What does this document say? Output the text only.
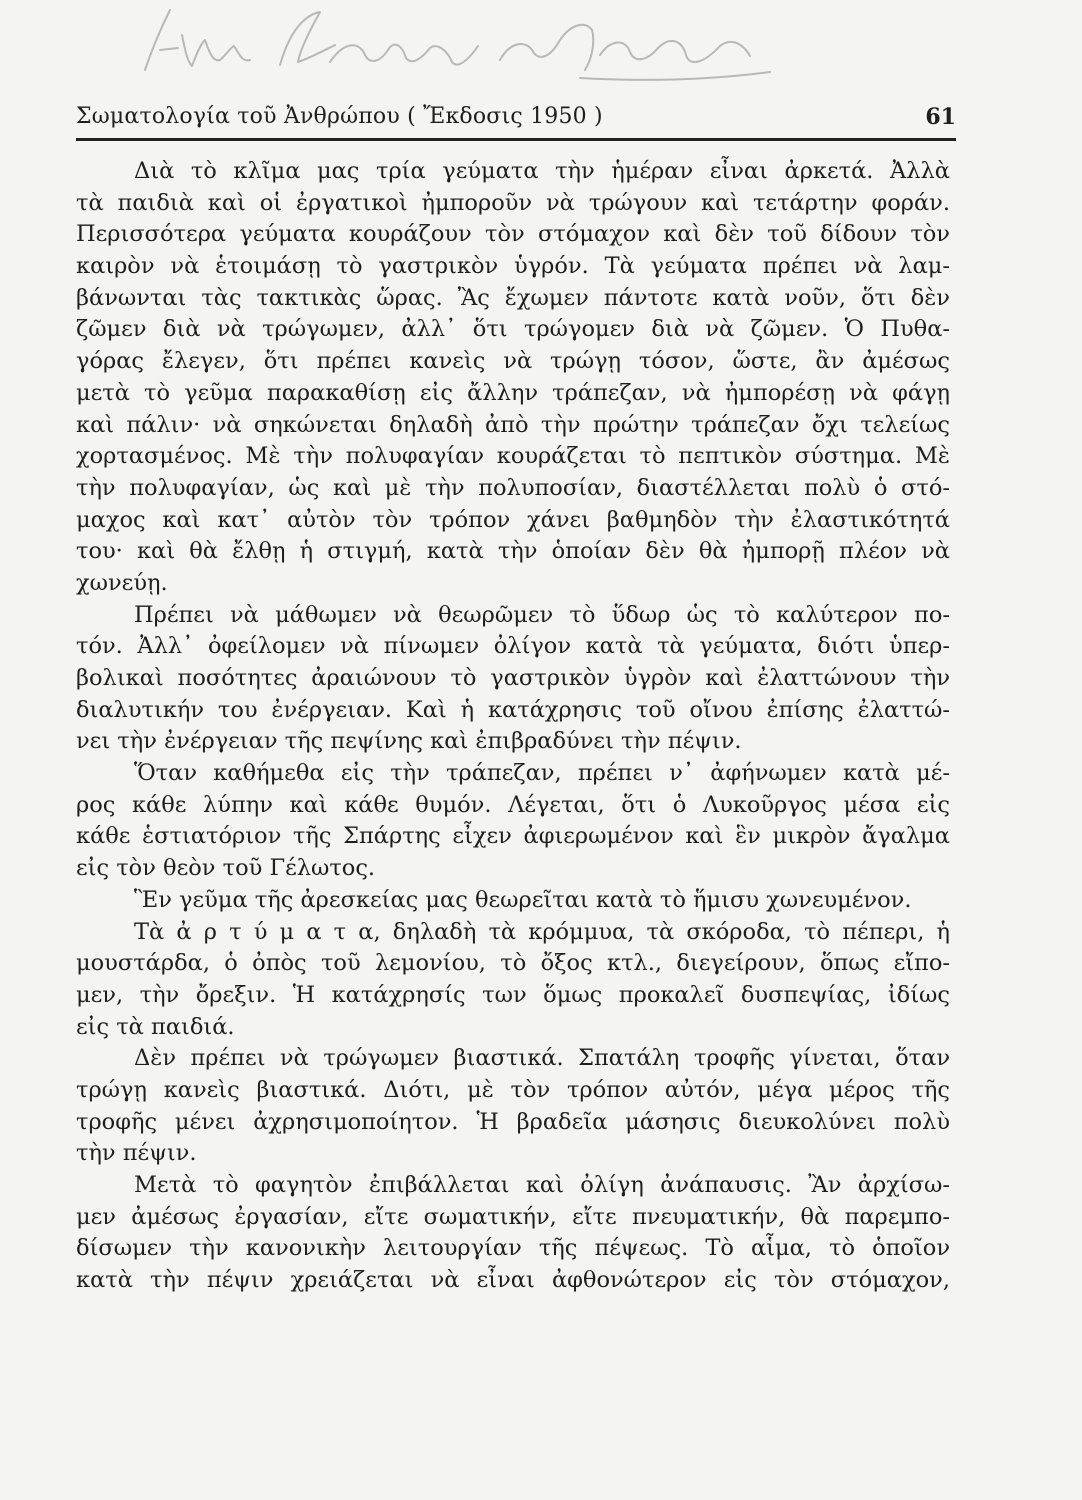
Σωματολογία τοῦ Ἀνθρώπου ( Ἔκδοσις 1950 )	61
Διὰ τὸ κλῖμα μας τρία γεύματα τὴν ἡμέραν εἶναι ἀρκετά. Ἀλλὰ
τὰ παιδιὰ καὶ οἱ ἐργατικοὶ ἠμποροῦν νὰ τρώγουν καὶ τετάρτην φοράν.
Περισσότερα γεύματα κουράζουν τὸν στόμαχον καὶ δὲν τοῦ δίδουν τὸν
καιρὸν νὰ ἑτοιμάσῃ τὸ γαστρικὸν ὑγρόν. Τὰ γεύματα πρέπει νὰ λαμ-
βάνωνται τὰς τακτικὰς ὥρας. Ἂς ἔχωμεν πάντοτε κατὰ νοῦν, ὅτι δὲν
ζῶμεν διὰ νὰ τρώγωμεν, ἀλλ᾽ ὅτι τρώγομεν διὰ νὰ ζῶμεν. Ὁ Πυθα-
γόρας ἔλεγεν, ὅτι πρέπει κανεὶς νὰ τρώγῃ τόσον, ὥστε, ἂν ἀμέσως
μετὰ τὸ γεῦμα παρακαθίσῃ εἰς ἄλλην τράπεζαν, νὰ ἠμπορέσῃ νὰ φάγῃ
καὶ πάλιν· νὰ σηκώνεται δηλαδὴ ἀπὸ τὴν πρώτην τράπεζαν ὄχι τελείως
χορτασμένος. Μὲ τὴν πολυφαγίαν κουράζεται τὸ πεπτικὸν σύστημα. Μὲ
τὴν πολυφαγίαν, ὡς καὶ μὲ τὴν πολυποσίαν, διαστέλλεται πολὺ ὁ στό-
μαχος καὶ κατ᾽ αὐτὸν τὸν τρόπον χάνει βαθμηδὸν τὴν ἐλαστικότητά
του· καὶ θὰ ἔλθῃ ἡ στιγμή, κατὰ τὴν ὁποίαν δὲν θὰ ἠμπορῇ πλέον νὰ
χωνεύῃ.
Πρέπει νὰ μάθωμεν νὰ θεωρῶμεν τὸ ὕδωρ ὡς τὸ καλύτερον πο-
τόν. Ἀλλ᾽ ὀφείλομεν νὰ πίνωμεν ὀλίγον κατὰ τὰ γεύματα, διότι ὑπερ-
βολικαὶ ποσότητες ἀραιώνουν τὸ γαστρικὸν ὑγρὸν καὶ ἐλαττώνουν τὴν
διαλυτικήν του ἐνέργειαν. Καὶ ἡ κατάχρησις τοῦ οἴνου ἐπίσης ἐλαττώ-
νει τὴν ἐνέργειαν τῆς πεψίνης καὶ ἐπιβραδύνει τὴν πέψιν.
Ὅταν καθήμεθα εἰς τὴν τράπεζαν, πρέπει ν᾽ ἀφήνωμεν κατὰ μέ-
ρος κάθε λύπην καὶ κάθε θυμόν. Λέγεται, ὅτι ὁ Λυκοῦργος μέσα εἰς
κάθε ἑστιατόριον τῆς Σπάρτης εἶχεν ἀφιερωμένον καὶ ἓν μικρὸν ἄγαλμα
εἰς τὸν θεὸν τοῦ Γέλωτος.
Ἓν γεῦμα τῆς ἀρεσκείας μας θεωρεῖται κατὰ τὸ ἥμισυ χωνευμένον.
Τὰ ἀ ρ τ ύ μ α τ α, δηλαδὴ τὰ κρόμμυα, τὰ σκόροδα, τὸ πέπερι, ἡ
μουστάρδα, ὁ ὀπὸς τοῦ λεμονίου, τὸ ὄξος κτλ., διεγείρουν, ὅπως εἴπο-
μεν, τὴν ὄρεξιν. Ἡ κατάχρησίς των ὅμως προκαλεῖ δυσπεψίας, ἰδίως
εἰς τὰ παιδιά.
Δὲν πρέπει νὰ τρώγωμεν βιαστικά. Σπατάλη τροφῆς γίνεται, ὅταν
τρώγῃ κανεὶς βιαστικά. Διότι, μὲ τὸν τρόπον αὐτόν, μέγα μέρος τῆς
τροφῆς μένει ἀχρησιμοποίητον. Ἡ βραδεῖα μάσησις διευκολύνει πολὺ
τὴν πέψιν.
Μετὰ τὸ φαγητὸν ἐπιβάλλεται καὶ ὀλίγη ἀνάπαυσις. Ἂν ἀρχίσω-
μεν ἀμέσως ἐργασίαν, εἴτε σωματικήν, εἴτε πνευματικήν, θὰ παρεμπο-
δίσωμεν τὴν κανονικὴν λειτουργίαν τῆς πέψεως. Τὸ αἷμα, τὸ ὁποῖον
κατὰ τὴν πέψιν χρειάζεται νὰ εἶναι ἀφθονώτερον εἰς τὸν στόμαχον,
